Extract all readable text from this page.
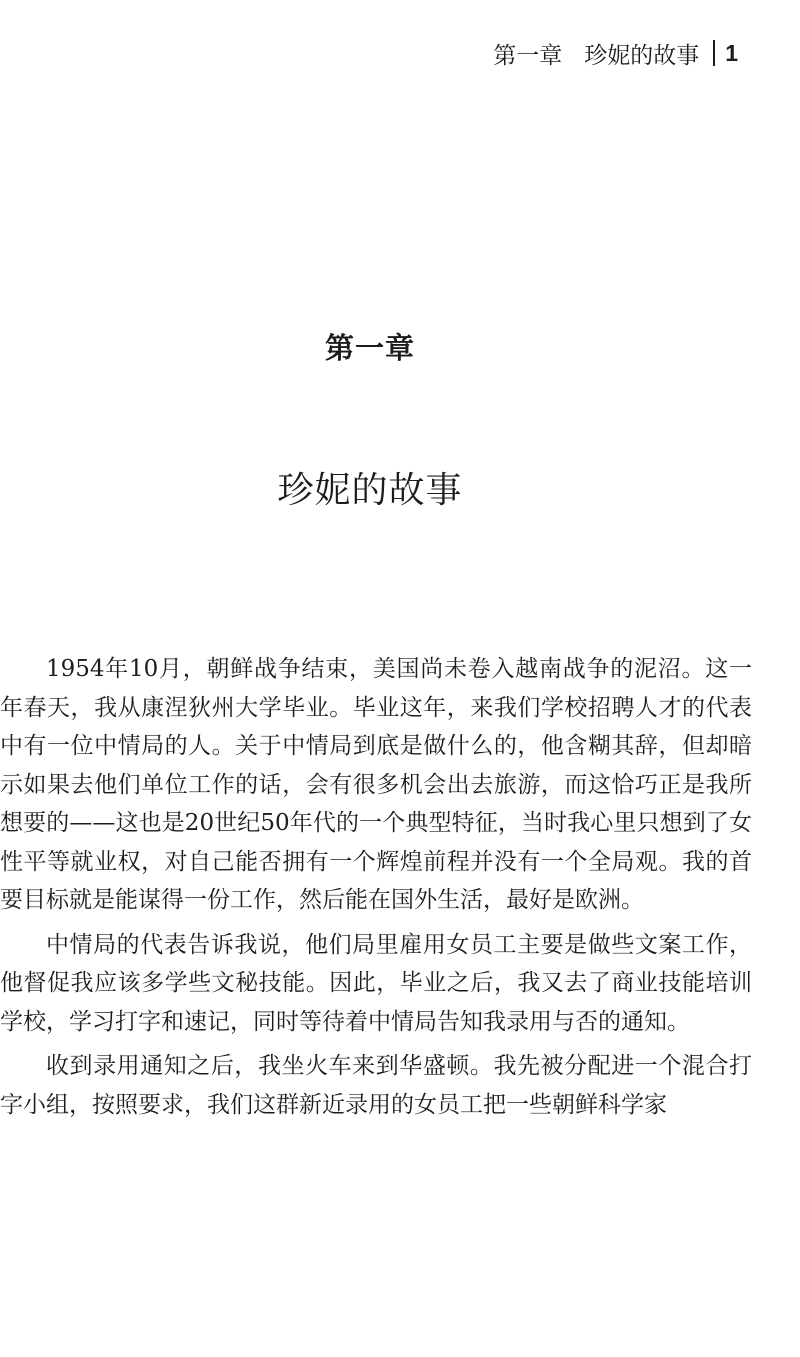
第一章 珍妮的故事 1
第一章
珍妮的故事

1954年10月，朝鲜战争结束，美国尚未卷入越南战争的泥沼。这一年春天，我从康涅狄州大学毕业。毕业这年，来我们学校招聘人才的代表中有一位中情局的人。关于中情局到底是做什么的，他含糊其辞，但却暗示如果去他们单位工作的话，会有很多机会出去旅游，而这恰巧正是我所想要的——这也是20世纪50年代的一个典型特征，当时我心里只想到了女性平等就业权，对自己能否拥有一个辉煌前程并没有一个全局观。我的首要目标就是能谋得一份工作，然后能在国外生活，最好是欧洲。

中情局的代表告诉我说，他们局里雇用女员工主要是做些文案工作，他督促我应该多学些文秘技能。因此，毕业之后，我又去了商业技能培训学校，学习打字和速记，同时等待着中情局告知我录用与否的通知。

收到录用通知之后，我坐火车来到华盛顿。我先被分配进一个混合打字小组，按照要求，我们这群新近录用的女员工把一些朝鲜科学家
